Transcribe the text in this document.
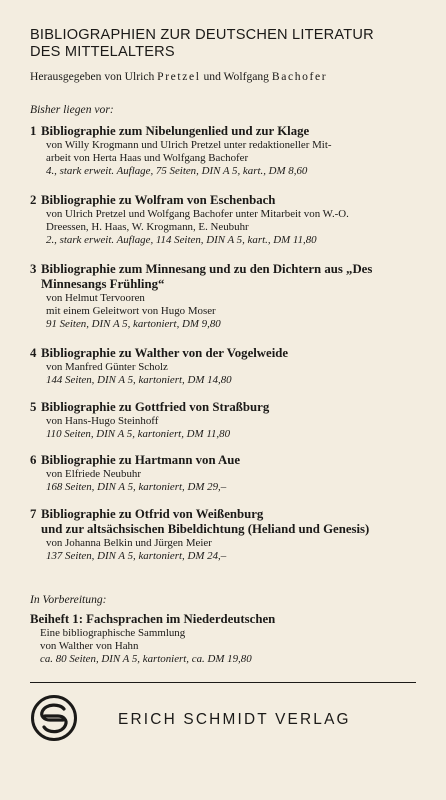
BIBLIOGRAPHIEN ZUR DEUTSCHEN LITERATUR
DES MITTELALTERS
Herausgegeben von Ulrich Pretzel und Wolfgang Bachofer
Bisher liegen vor:
1 Bibliographie zum Nibelungenlied und zur Klage
von Willy Krogmann und Ulrich Pretzel unter redaktioneller Mit-
arbeit von Herta Haas und Wolfgang Bachofer
4., stark erweit. Auflage, 75 Seiten, DIN A 5, kart., DM 8,60
2 Bibliographie zu Wolfram von Eschenbach
von Ulrich Pretzel und Wolfgang Bachofer unter Mitarbeit von W.-O.
Dreessen, H. Haas, W. Krogmann, E. Neubuhr
2., stark erweit. Auflage, 114 Seiten, DIN A 5, kart., DM 11,80
3 Bibliographie zum Minnesang und zu den Dichtern aus „Des
Minnesangs Frühling“
von Helmut Tervooren
mit einem Geleitwort von Hugo Moser
91 Seiten, DIN A 5, kartoniert, DM 9,80
4 Bibliographie zu Walther von der Vogelweide
von Manfred Günter Scholz
144 Seiten, DIN A 5, kartoniert, DM 14,80
5 Bibliographie zu Gottfried von Straßburg
von Hans-Hugo Steinhoff
110 Seiten, DIN A 5, kartoniert, DM 11,80
6 Bibliographie zu Hartmann von Aue
von Elfriede Neubuhr
168 Seiten, DIN A 5, kartoniert, DM 29,–
7 Bibliographie zu Otfrid von Weißenburg
und zur altsächsischen Bibeldichtung (Heliand und Genesis)
von Johanna Belkin und Jürgen Meier
137 Seiten, DIN A 5, kartoniert, DM 24,–
In Vorbereitung:
Beiheft 1: Fachsprachen im Niederdeutschen
Eine bibliographische Sammlung
von Walther von Hahn
ca. 80 Seiten, DIN A 5, kartoniert, ca. DM 19,80
ERICH SCHMIDT VERLAG
